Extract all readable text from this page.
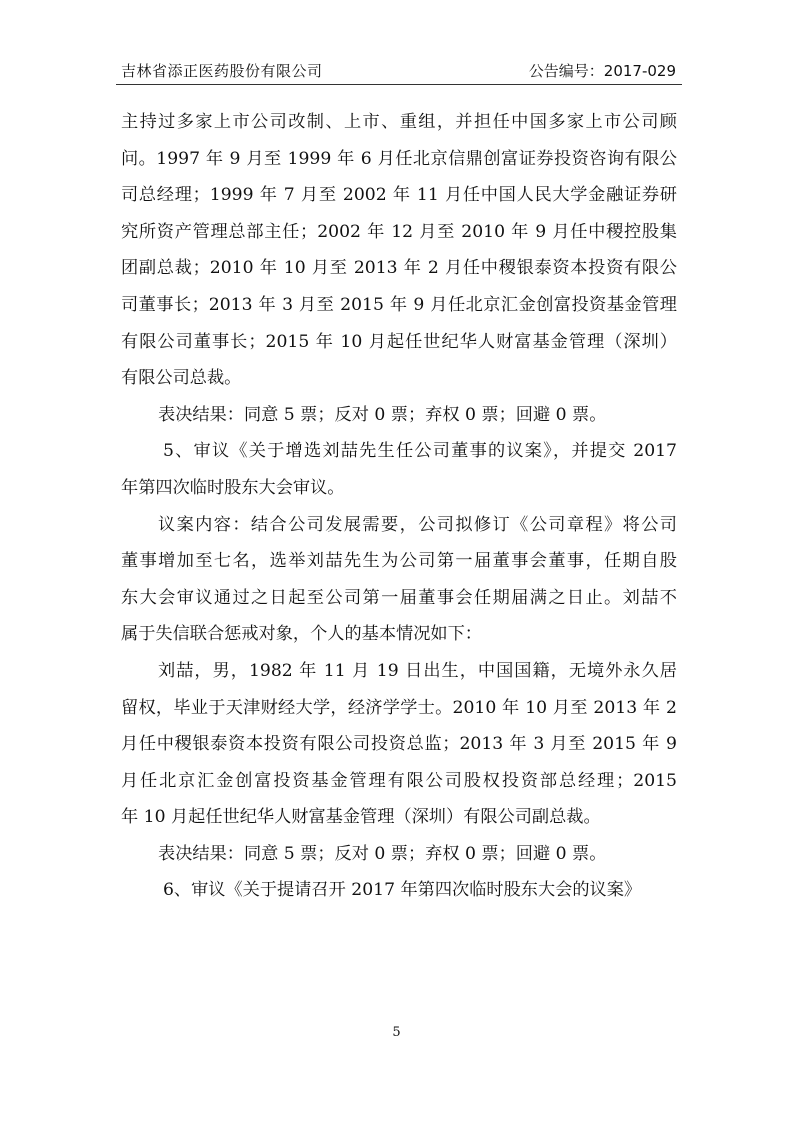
吉林省添正医药股份有限公司	公告编号：2017-029
主持过多家上市公司改制、上市、重组，并担任中国多家上市公司顾
问。1997 年 9 月至 1999 年 6 月任北京信鼎创富证券投资咨询有限公
司总经理；1999 年 7 月至 2002 年 11 月任中国人民大学金融证券研
究所资产管理总部主任；2002 年 12 月至 2010 年 9 月任中稷控股集
团副总裁；2010 年 10 月至 2013 年 2 月任中稷银泰资本投资有限公
司董事长；2013 年 3 月至 2015 年 9 月任北京汇金创富投资基金管理
有限公司董事长；2015 年 10 月起任世纪华人财富基金管理（深圳）
有限公司总裁。
表决结果：同意 5 票；反对 0 票；弃权 0 票；回避 0 票。
5、审议《关于增选刘喆先生任公司董事的议案》，并提交 2017
年第四次临时股东大会审议。
议案内容：结合公司发展需要，公司拟修订《公司章程》将公司
董事增加至七名，选举刘喆先生为公司第一届董事会董事，任期自股
东大会审议通过之日起至公司第一届董事会任期届满之日止。刘喆不
属于失信联合惩戒对象，个人的基本情况如下：
刘喆，男，1982 年 11 月 19 日出生，中国国籍，无境外永久居
留权，毕业于天津财经大学，经济学学士。2010 年 10 月至 2013 年 2
月任中稷银泰资本投资有限公司投资总监；2013 年 3 月至 2015 年 9
月任北京汇金创富投资基金管理有限公司股权投资部总经理；2015
年 10 月起任世纪华人财富基金管理（深圳）有限公司副总裁。
表决结果：同意 5 票；反对 0 票；弃权 0 票；回避 0 票。
6、审议《关于提请召开 2017 年第四次临时股东大会的议案》
5
